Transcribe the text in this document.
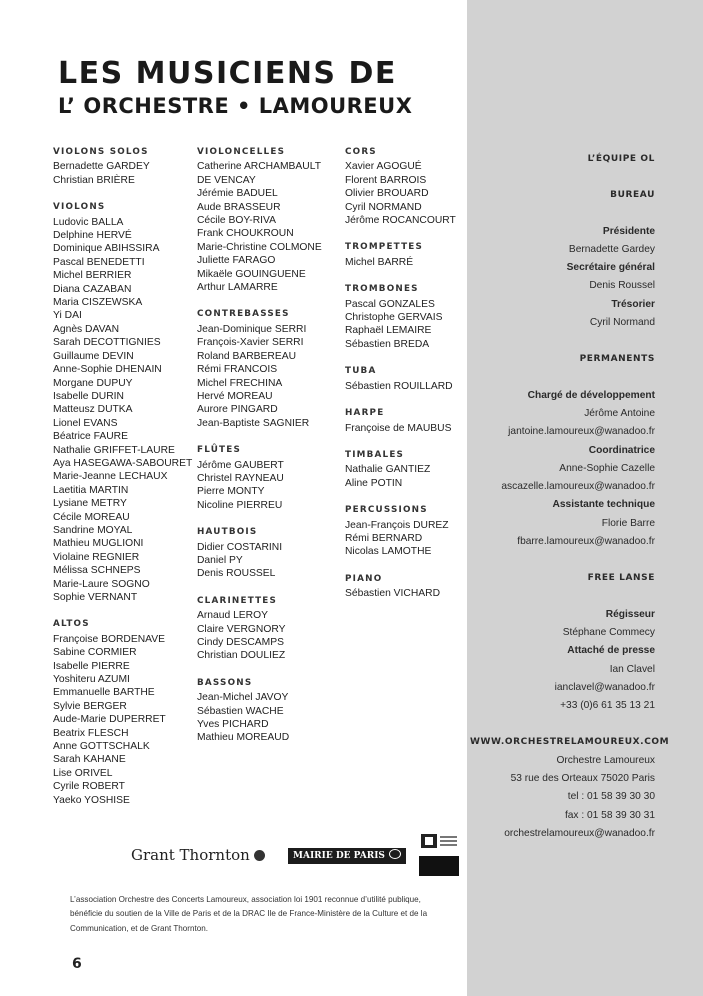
LES MUSICIENS DE
L’ ORCHESTRE • LAMOUREUX
VIOLONS SOLOS
Bernadette GARDEY
Christian BRIÈRE
VIOLONS
Ludovic BALLA
Delphine HERVÉ
Dominique ABIHSSIRA
Pascal BENEDETTI
Michel BERRIER
Diana CAZABAN
Maria CISZEWSKA
Yi DAI
Agnès DAVAN
Sarah DECOTTIGNIES
Guillaume DEVIN
Anne-Sophie DHENAIN
Morgane DUPUY
Isabelle DURIN
Matteusz DUTKA
Lionel EVANS
Béatrice FAURE
Nathalie GRIFFET-LAURE
Aya HASEGAWA-SABOURET
Marie-Jeanne LECHAUX
Laetitia MARTIN
Lysiane METRY
Cécile MOREAU
Sandrine MOYAL
Mathieu MUGLIONI
Violaine REGNIER
Mélissa SCHNEPS
Marie-Laure SOGNO
Sophie VERNANT
ALTOS
Françoise BORDENAVE
Sabine CORMIER
Isabelle PIERRE
Yoshiteru AZUMI
Emmanuelle BARTHE
Sylvie BERGER
Aude-Marie DUPERRET
Beatrix FLESCH
Anne GOTTSCHALK
Sarah KAHANE
Lise ORIVEL
Cyrile ROBERT
Yaeko YOSHISE
VIOLONCELLES
Catherine ARCHAMBAULT
DE VENCAY
Jérémie BADUEL
Aude BRASSEUR
Cécile BOY-RIVA
Frank CHOUKROUN
Marie-Christine COLMONE
Juliette FARAGO
Mikaële GOUINGUENE
Arthur LAMARRE
CONTREBASSES
Jean-Dominique SERRI
François-Xavier SERRI
Roland BARBEREAU
Rémi FRANCOIS
Michel FRECHINA
Hervé MOREAU
Aurore PINGARD
Jean-Baptiste SAGNIER
FLÛTES
Jérôme GAUBERT
Christel RAYNEAU
Pierre MONTY
Nicoline PIERREU
HAUTBOIS
Didier COSTARINI
Daniel PY
Denis ROUSSEL
CLARINETTES
Arnaud LEROY
Claire VERGNORY
Cindy DESCAMPS
Christian DOULIEZ
BASSONS
Jean-Michel JAVOY
Sébastien WACHE
Yves PICHARD
Mathieu MOREAUD
CORS
Xavier AGOGUÉ
Florent BARROIS
Olivier BROUARD
Cyril NORMAND
Jérôme ROCANCOURT
TROMPETTES
Michel BARRÉ
TROMBONES
Pascal GONZALES
Christophe GERVAIS
Raphaël LEMAIRE
Sébastien BREDA
TUBA
Sébastien ROUILLARD
HARPE
Françoise de MAUBUS
TIMBALES
Nathalie GANTIEZ
Aline POTIN
PERCUSSIONS
Jean-François DUREZ
Rémi BERNARD
Nicolas LAMOTHE
PIANO
Sébastien VICHARD
L’ÉQUIPE OL
BUREAU
Présidente
Bernadette Gardey
Secrétaire général
Denis Roussel
Trésorier
Cyril Normand
PERMANENTS
Chargé de développement
Jérôme Antoine
jantoine.lamoureux@wanadoo.fr
Coordinatrice
Anne-Sophie Cazelle
ascazelle.lamoureux@wanadoo.fr
Assistante technique
Florie Barre
fbarre.lamoureux@wanadoo.fr
FREE LANSE
Régisseur
Stéphane Commecy
Attaché de presse
Ian Clavel
ianclavel@wanadoo.fr
+33 (0)6 61 35 13 21
WWW.ORCHESTRELAMOUREUX.COM
Orchestre Lamoureux
53 rue des Orteaux 75020 Paris
tel : 01 58 39 30 30
fax : 01 58 39 30 31
orchestrelamoureux@wanadoo.fr
Grant Thornton	MAIRIE DE PARIS
L’association Orchestre des Concerts Lamoureux, association loi 1901 reconnue d’utilité publique, bénéficie du soutien de la Ville de Paris et de la DRAC Ile de France-Ministère de la Culture et de la Communication, et de Grant Thornton.
6
